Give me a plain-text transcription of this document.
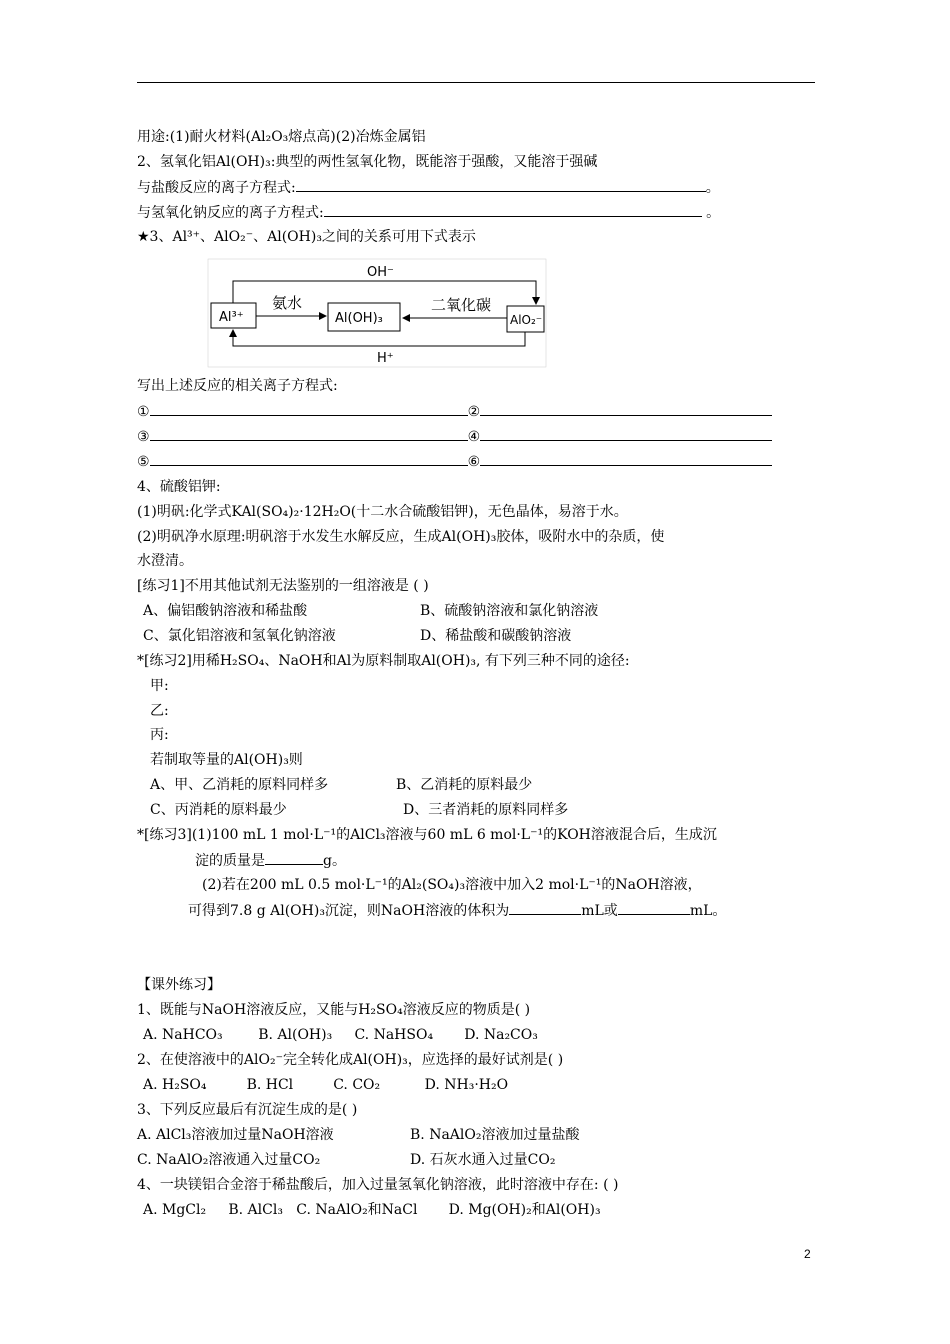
用途:(1)耐火材料(Al₂O₃熔点高)(2)冶炼金属铝
2、氢氧化铝Al(OH)₃:典型的两性氢氧化物，既能溶于强酸，又能溶于强碱
与盐酸反应的离子方程式:	。
与氢氧化钠反应的离子方程式:	。
★3、Al³⁺、AlO₂⁻、Al(OH)₃之间的关系可用下式表示
Al³⁺	Al(OH)₃	AlO₂⁻
氨水	二氧化碳
OH⁻
H⁺
写出上述反应的相关离子方程式:
①	②
③	④
⑤	⑥
4、硫酸铝钾:
(1)明矾:化学式KAl(SO₄)₂·12H₂O(十二水合硫酸铝钾)，无色晶体，易溶于水。
(2)明矾净水原理:明矾溶于水发生水解反应，生成Al(OH)₃胶体，吸附水中的杂质，使
水澄清。
[练习1]不用其他试剂无法鉴别的一组溶液是 ( )
A、偏铝酸钠溶液和稀盐酸	B、硫酸钠溶液和氯化钠溶液
C、氯化铝溶液和氢氧化钠溶液	D、稀盐酸和碳酸钠溶液
*[练习2]用稀H₂SO₄、NaOH和Al为原料制取Al(OH)₃, 有下列三种不同的途径:
甲:
乙:
丙:
若制取等量的Al(OH)₃则
A、甲、乙消耗的原料同样多	B、乙消耗的原料最少
C、丙消耗的原料最少	D、三者消耗的原料同样多
*[练习3](1)100 mL 1 mol·L⁻¹的AlCl₃溶液与60 mL 6 mol·L⁻¹的KOH溶液混合后，生成沉
淀的质量是	g。
(2)若在200 mL 0.5 mol·L⁻¹的Al₂(SO₄)₃溶液中加入2 mol·L⁻¹的NaOH溶液，
可得到7.8 g Al(OH)₃沉淀，则NaOH溶液的体积为	mL或	mL。
【课外练习】
1、既能与NaOH溶液反应，又能与H₂SO₄溶液反应的物质是( )
A. NaHCO₃        B. Al(OH)₃     C. NaHSO₄       D. Na₂CO₃
2、在使溶液中的AlO₂⁻完全转化成Al(OH)₃，应选择的最好试剂是( )
A. H₂SO₄         B. HCl         C. CO₂          D. NH₃·H₂O
3、下列反应最后有沉淀生成的是( )
A. AlCl₃溶液加过量NaOH溶液	B. NaAlO₂溶液加过量盐酸
C. NaAlO₂溶液通入过量CO₂	D. 石灰水通入过量CO₂
4、一块镁铝合金溶于稀盐酸后，加入过量氢氧化钠溶液，此时溶液中存在: ( )
A. MgCl₂     B. AlCl₃   C. NaAlO₂和NaCl       D. Mg(OH)₂和Al(OH)₃
2
